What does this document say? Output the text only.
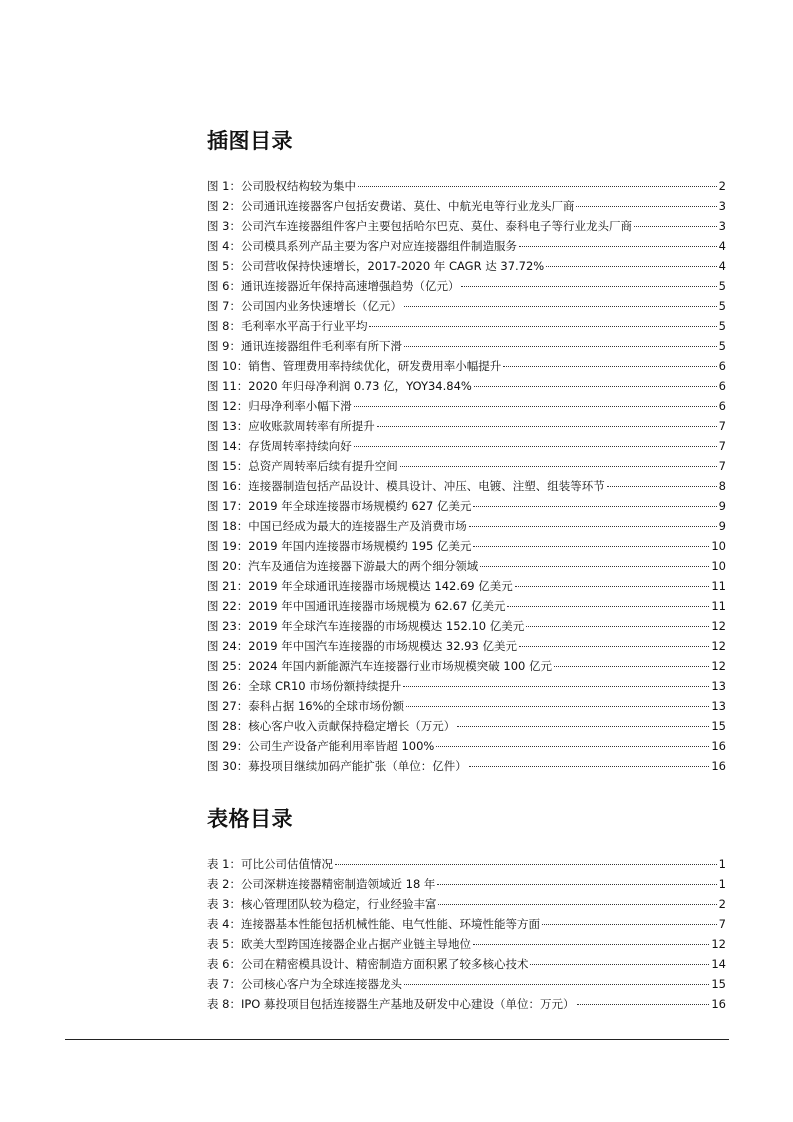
插图目录
图 1： 公司股权结构较为集中	2
图 2： 公司通讯连接器客户包括安费诺、莫仕、中航光电等行业龙头厂商	3
图 3： 公司汽车连接器组件客户主要包括哈尔巴克、莫仕、泰科电子等行业龙头厂商	3
图 4： 公司模具系列产品主要为客户对应连接器组件制造服务	4
图 5： 公司营收保持快速增长，2017-2020 年 CAGR 达 37.72%	4
图 6： 通讯连接器近年保持高速增强趋势（亿元）	5
图 7： 公司国内业务快速增长（亿元）	5
图 8： 毛利率水平高于行业平均	5
图 9： 通讯连接器组件毛利率有所下滑	5
图 10： 销售、管理费用率持续优化，研发费用率小幅提升	6
图 11： 2020 年归母净利润 0.73 亿，YOY34.84%	6
图 12： 归母净利率小幅下滑	6
图 13： 应收账款周转率有所提升	7
图 14： 存货周转率持续向好	7
图 15： 总资产周转率后续有提升空间	7
图 16： 连接器制造包括产品设计、模具设计、冲压、电镀、注塑、组装等环节	8
图 17： 2019 年全球连接器市场规模约 627 亿美元	9
图 18： 中国已经成为最大的连接器生产及消费市场	9
图 19： 2019 年国内连接器市场规模约 195 亿美元	10
图 20： 汽车及通信为连接器下游最大的两个细分领域	10
图 21： 2019 年全球通讯连接器市场规模达 142.69 亿美元	11
图 22： 2019 年中国通讯连接器市场规模为 62.67 亿美元	11
图 23： 2019 年全球汽车连接器的市场规模达 152.10 亿美元	12
图 24： 2019 年中国汽车连接器的市场规模达 32.93 亿美元	12
图 25： 2024 年国内新能源汽车连接器行业市场规模突破 100 亿元	12
图 26： 全球 CR10 市场份额持续提升	13
图 27： 泰科占据 16%的全球市场份额	13
图 28： 核心客户收入贡献保持稳定增长（万元）	15
图 29： 公司生产设备产能利用率皆超 100%	16
图 30： 募投项目继续加码产能扩张（单位：亿件）	16
表格目录
表 1： 可比公司估值情况	1
表 2： 公司深耕连接器精密制造领域近 18 年	1
表 3： 核心管理团队较为稳定，行业经验丰富	2
表 4： 连接器基本性能包括机械性能、电气性能、环境性能等方面	7
表 5： 欧美大型跨国连接器企业占据产业链主导地位	12
表 6： 公司在精密模具设计、精密制造方面积累了较多核心技术	14
表 7： 公司核心客户为全球连接器龙头	15
表 8： IPO 募投项目包括连接器生产基地及研发中心建设（单位：万元）	16
